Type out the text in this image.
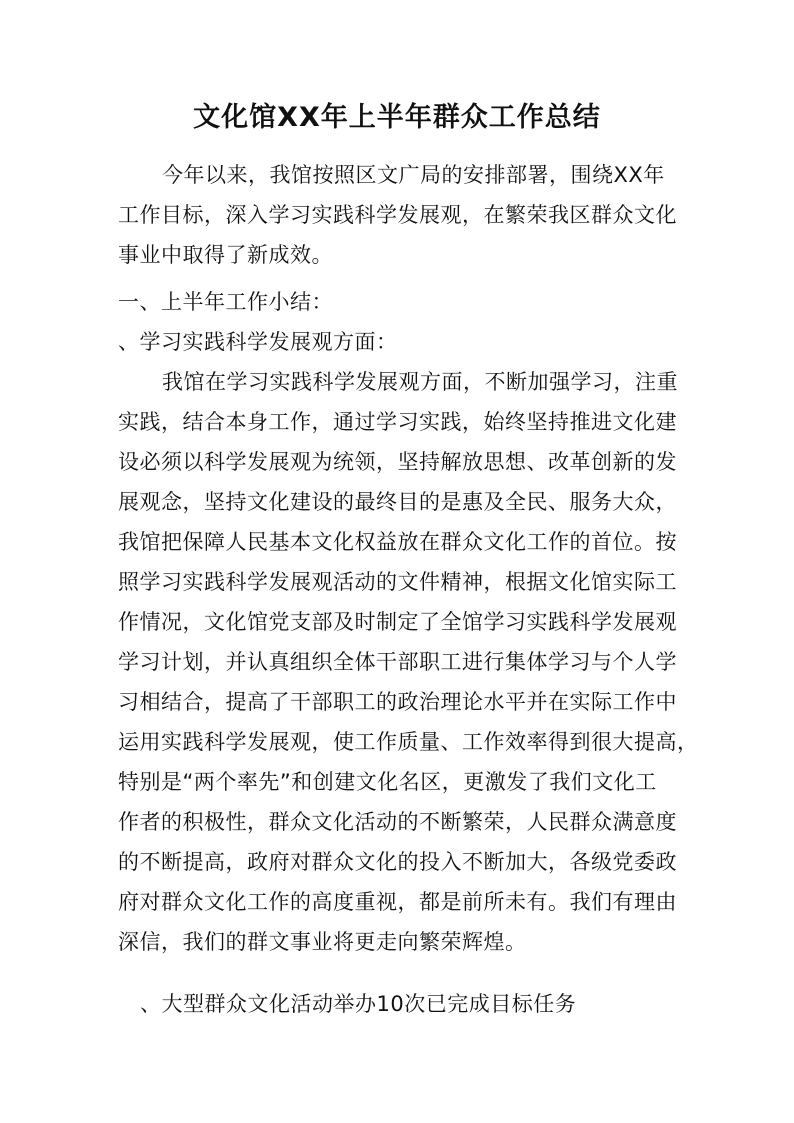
文化馆XX年上半年群众工作总结
今年以来，我馆按照区文广局的安排部署，围绕XX年
工作目标，深入学习实践科学发展观，在繁荣我区群众文化
事业中取得了新成效。
一、上半年工作小结：
、学习实践科学发展观方面：
我馆在学习实践科学发展观方面，不断加强学习，注重
实践，结合本身工作，通过学习实践，始终坚持推进文化建
设必须以科学发展观为统领，坚持解放思想、改革创新的发
展观念，坚持文化建设的最终目的是惠及全民、服务大众，
我馆把保障人民基本文化权益放在群众文化工作的首位。按
照学习实践科学发展观活动的文件精神，根据文化馆实际工
作情况，文化馆党支部及时制定了全馆学习实践科学发展观
学习计划，并认真组织全体干部职工进行集体学习与个人学
习相结合，提高了干部职工的政治理论水平并在实际工作中
运用实践科学发展观，使工作质量、工作效率得到很大提高，
特别是“两个率先”和创建文化名区，更激发了我们文化工
作者的积极性，群众文化活动的不断繁荣，人民群众满意度
的不断提高，政府对群众文化的投入不断加大，各级党委政
府对群众文化工作的高度重视，都是前所未有。我们有理由
深信，我们的群文事业将更走向繁荣辉煌。
、大型群众文化活动举办10次已完成目标任务
